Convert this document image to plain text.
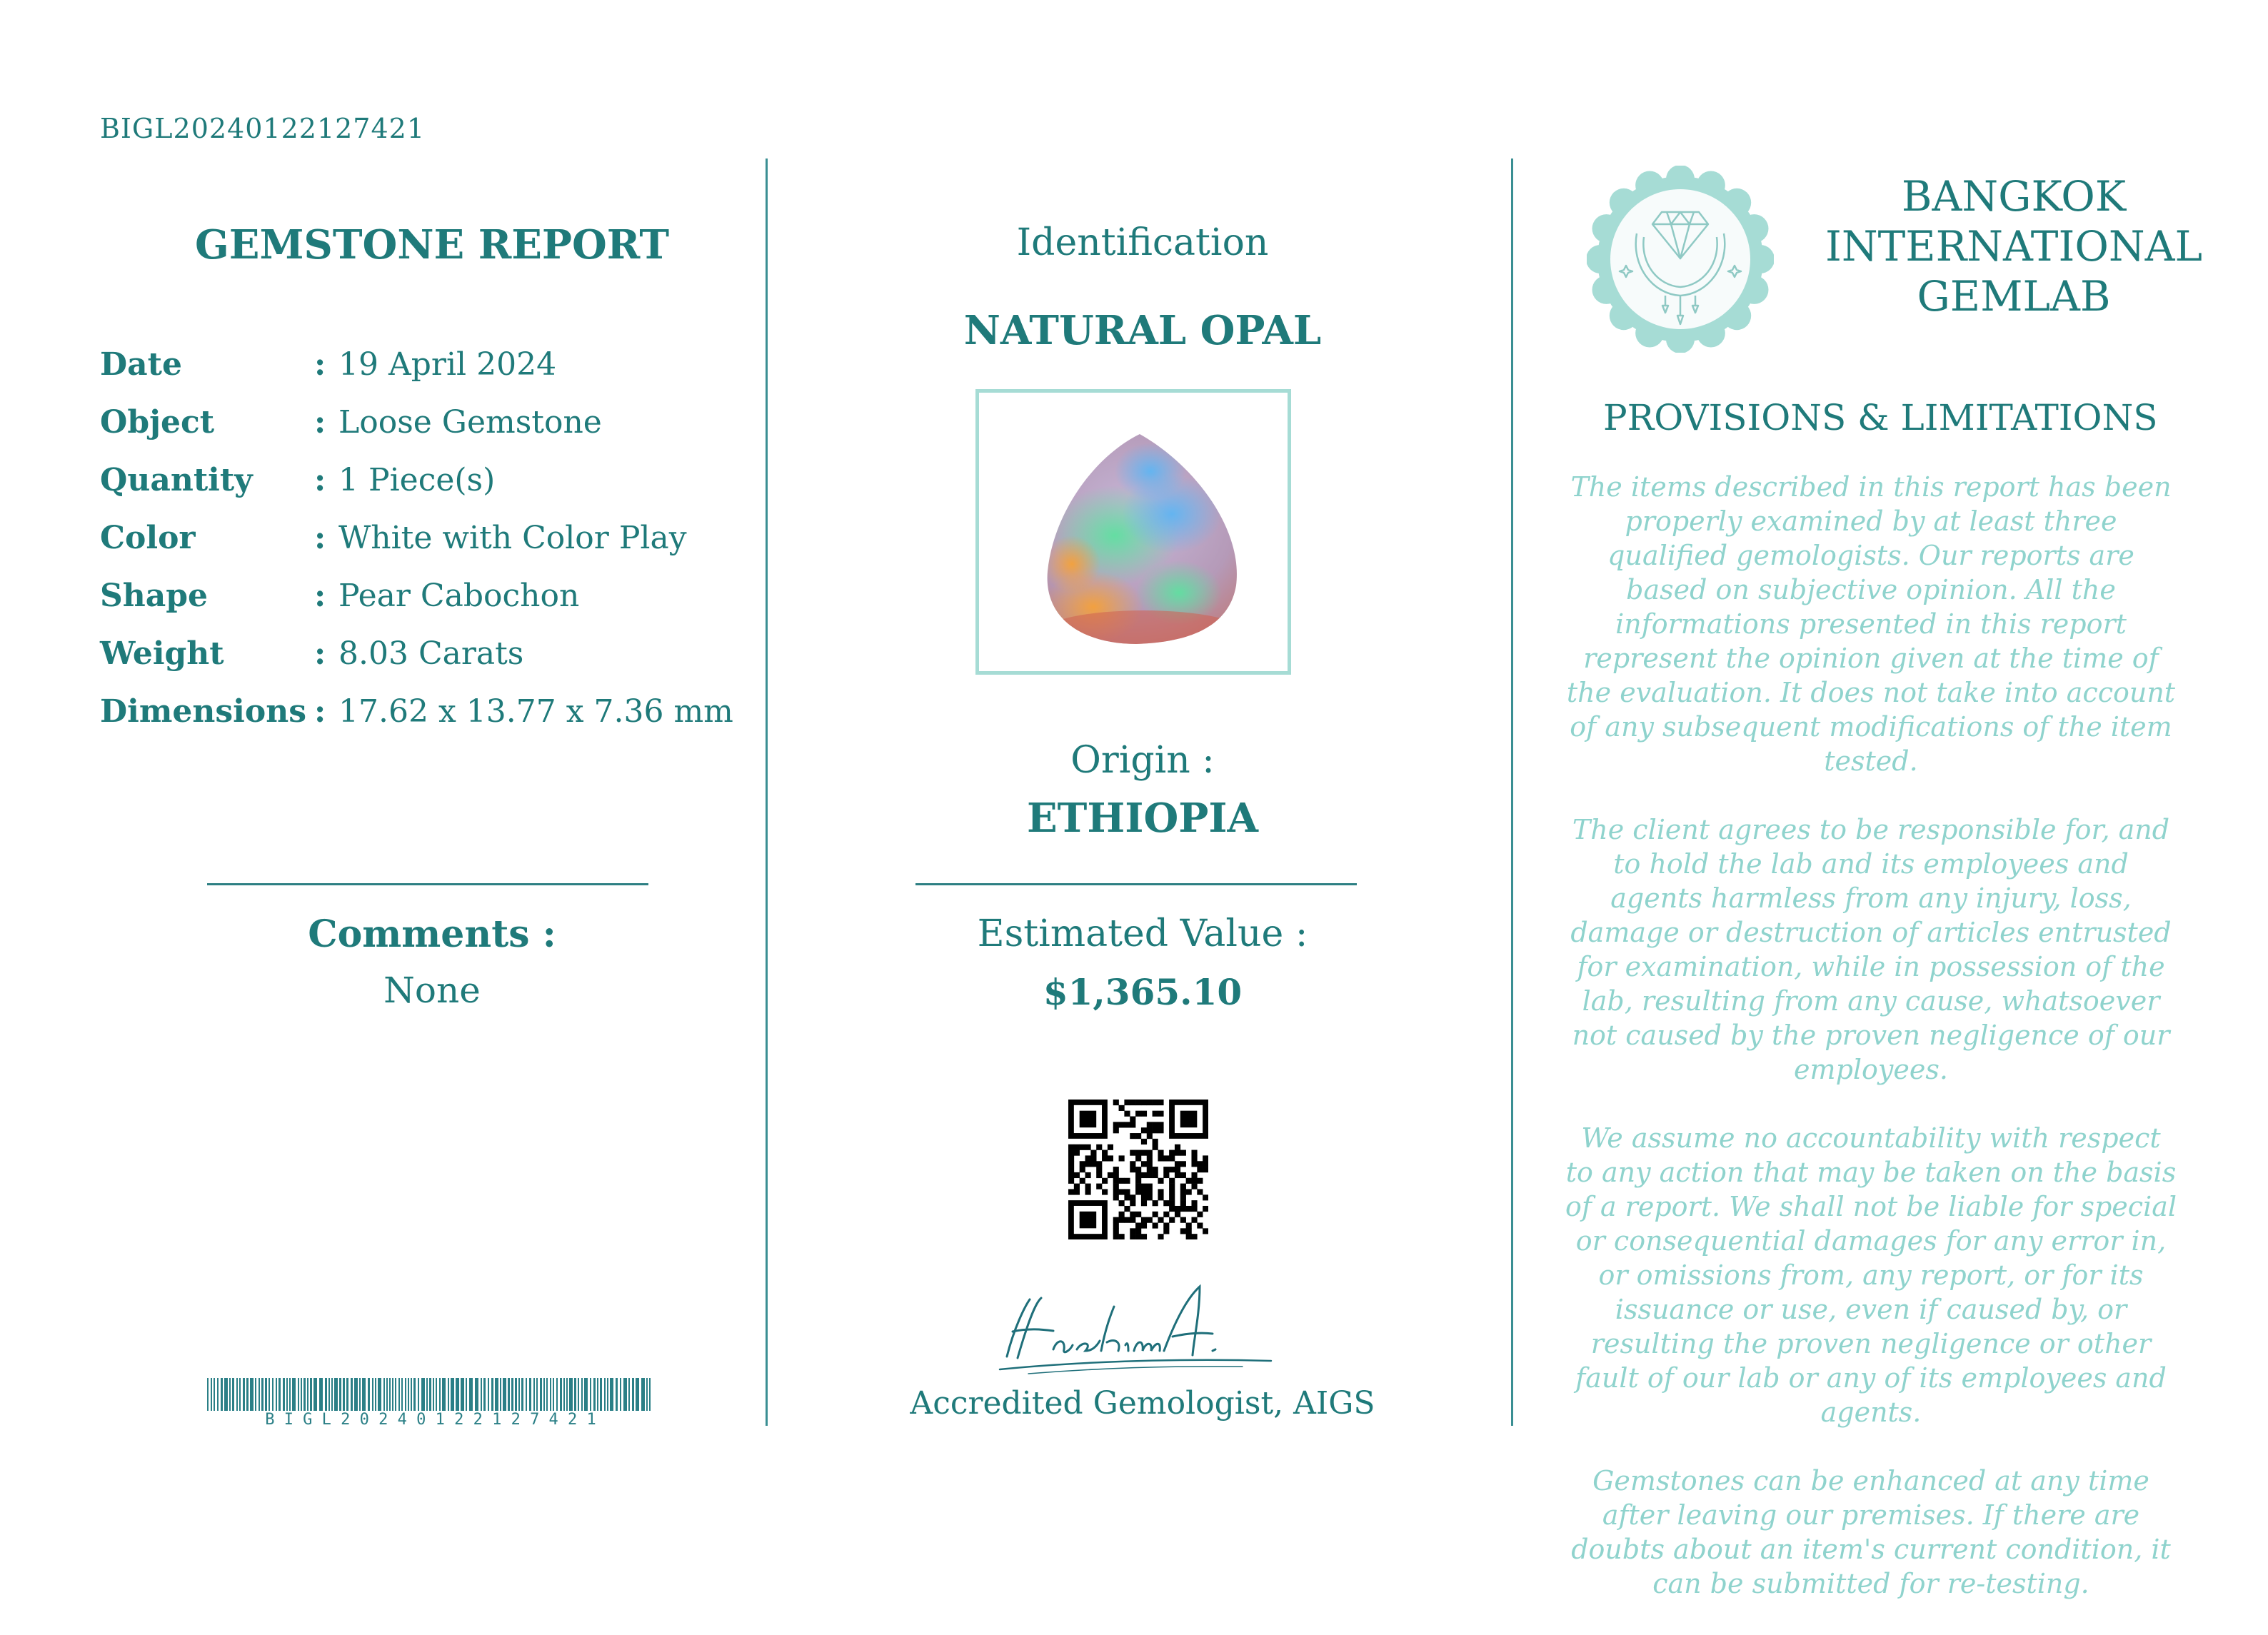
BIGL20240122127421
GEMSTONE REPORT
Date	: 19 April 2024
Object	: Loose Gemstone
Quantity	: 1 Piece(s)
Color	: White with Color Play
Shape	: Pear Cabochon
Weight	: 8.03 Carats
Dimensions : 17.62 x 13.77 x 7.36 mm
Comments :
None
B I G L 2 0 2 4 0 1 2 2 1 2 7 4 2 1
Identification
NATURAL OPAL
Origin :
ETHIOPIA
Estimated Value :
$1,365.10
Accredited Gemologist, AIGS
BANGKOK
INTERNATIONAL
GEMLAB
PROVISIONS & LIMITATIONS

The items described in this report has been properly examined by at least three qualified gemologists. Our reports are based on subjective opinion. All the informations presented in this report represent the opinion given at the time of the evaluation. It does not take into account of any subsequent modifications of the item tested.

The client agrees to be responsible for, and to hold the lab and its employees and agents harmless from any injury, loss, damage or destruction of articles entrusted for examination, while in possession of the lab, resulting from any cause, whatsoever not caused by the proven negligence of our employees.

We assume no accountability with respect to any action that may be taken on the basis of a report. We shall not be liable for special or consequential damages for any error in, or omissions from, any report, or for its issuance or use, even if caused by, or resulting the proven negligence or other fault of our lab or any of its employees and agents.

Gemstones can be enhanced at any time after leaving our premises. If there are doubts about an item's current condition, it can be submitted for re-testing.
